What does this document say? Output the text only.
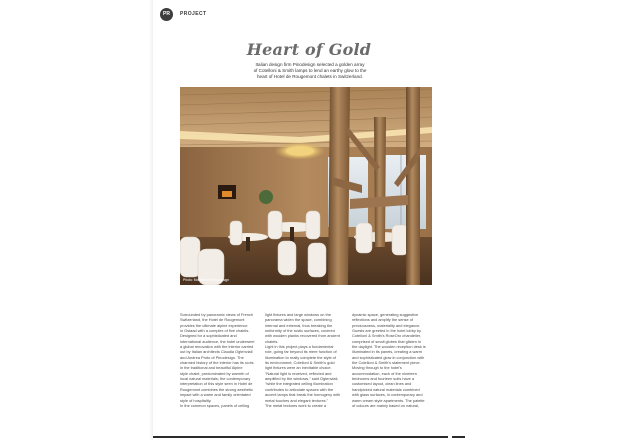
PR	PROJECT
Heart of Gold
Italian design firm Pinodesign selected a golden array
of Cotelloni & Smith lamps to lend an earthy glow to the
heart of Hotel de Rougemont chalets in Switzerland.
Photo: Monteleone/Pinodesign
Surrounded by panoramic views of French
Switzerland, the Hotel de Rougemont
provides the ultimate alpine experience
in Gstaad with a complex of five chalets.
Designed for a sophisticated and
international audience, the hotel underwent
a global renovation with the interior carried
out by Italian architects Claudia Ogtenviali
and Andrea Proto of Pinodesign. The
charmed history of the interior has its roots
in the traditional and beautiful Alpine
style chalet, predominated by warmth of
local natural materials; the contemporary
interpretation of this style seen in Hotel de
Rougemont combines the strong aesthetic
impact with a warm and family orientated
style of hospitality.
In the common spaces, panels of ceiling
light fixtures and large windows on the
panorama widen the space, combining
internal and external, thus breaking the
uniformity of the rustic surfaces, covered
with wooden planks recovered from ancient
chalets.
Light in this project plays a fundamental
role, going far beyond its mere function of
illumination to really complete the style of
its environment; Cotelloni & Smith's gold
light fixtures were an inevitable choice.
"Natural light is received, reflected and
amplified by the windows," said Ogtenviali,
"while the integrated ceiling illumination
contributes to articulate spaces with the
accent lamps that break the homogeny with
metal touches and elegant textures."
The metal textures work to create a
dynamic space, generating suggestive
reflections and amplify the sense of
preciousness, materiality and elegance.
Guests are greeted in the hotel lobby by
Cotelloni & Smith's RoseOro chandelier,
comprised of small globes that glisten in
the daylight. The wooden reception desk is
illuminated in its panels, creating a warm
and sophisticated glow in conjunction with
the Cotelloni & Smith's statement piece.
Moving through to the hotel's
accommodation, each of the nineteen
bedrooms and fourteen suits have a
customised layout, clean lines and
handpicked natural materials combined
with glass surfaces, in contemporary and
warm cream style apartments. The palette
of colours are mainly based on natural,
